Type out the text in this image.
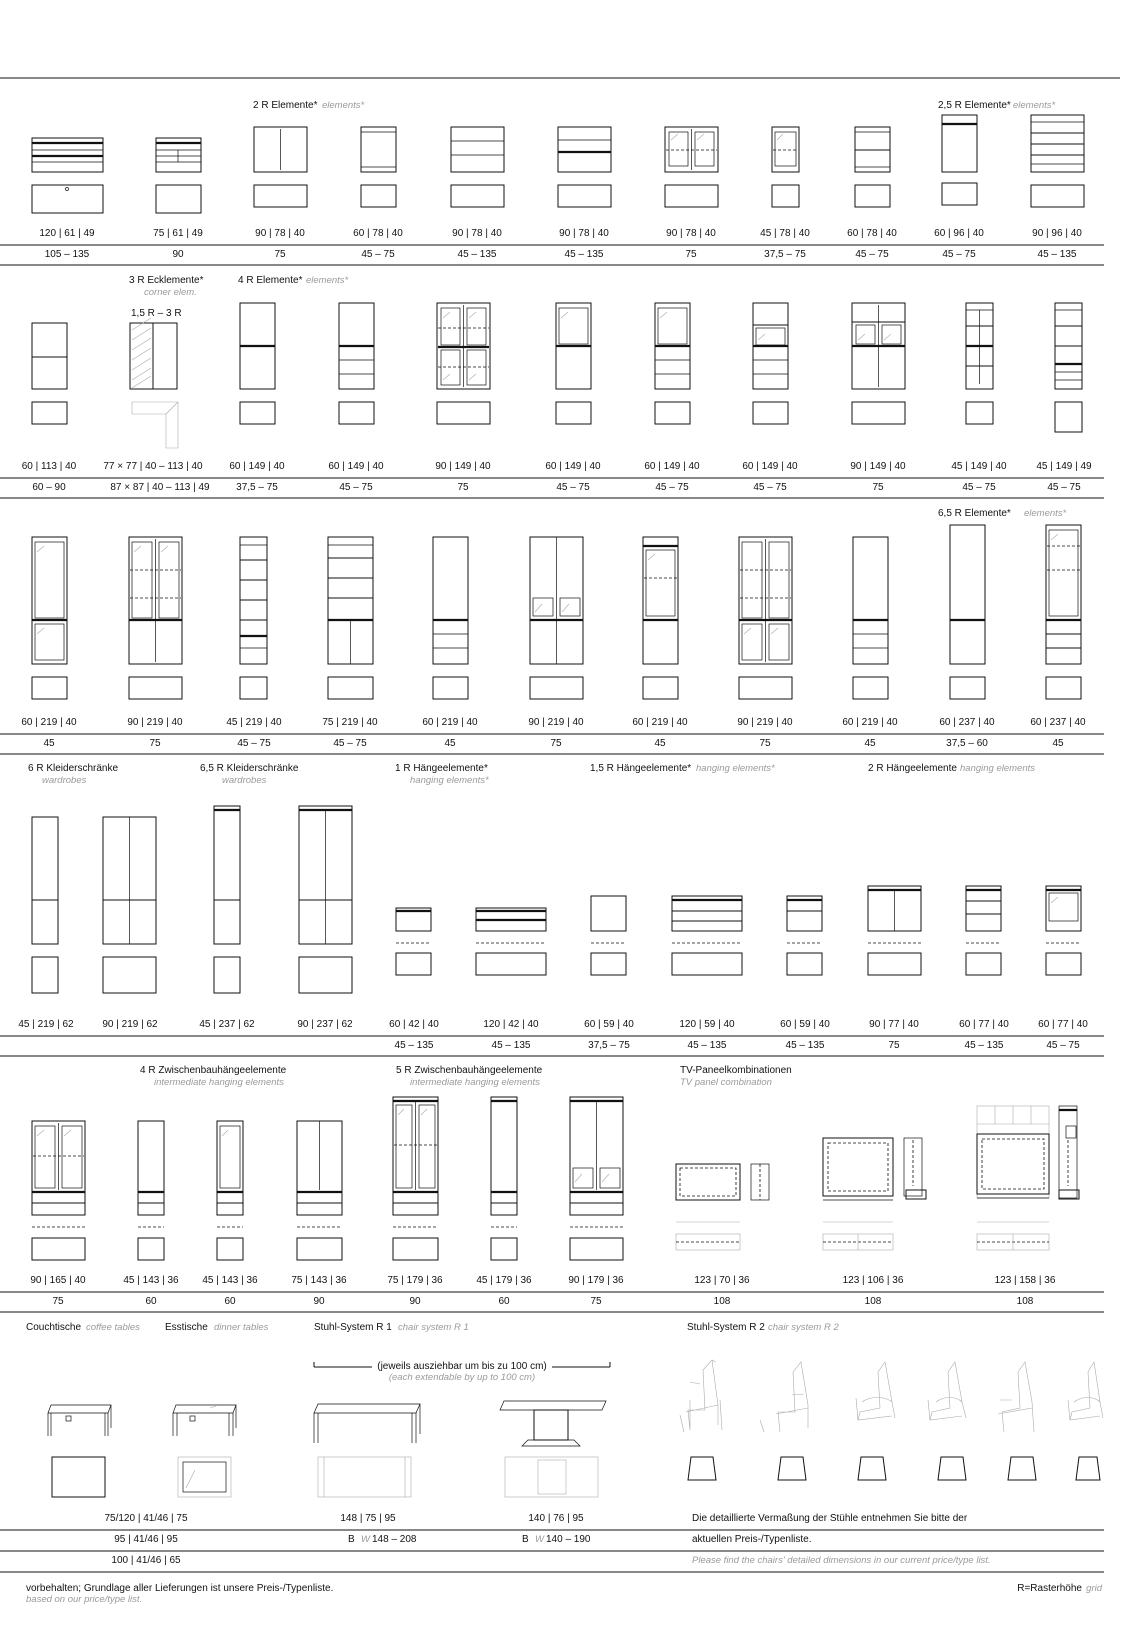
2 R Elemente* elements*	2,5 R Elemente* elements*
120 | 61 | 49	75 | 61 | 49	90 | 78 | 40	60 | 78 | 40	90 | 78 | 40	90 | 78 | 40	90 | 78 | 40	45 | 78 | 40	60 | 78 | 40	60 | 96 | 40	90 | 96 | 40
105 – 135	90	75	45 – 75	45 – 135	45 – 135	75	37,5 – 75	45 – 75	45 – 75	45 – 135
3 R Ecklemente*
corner elem.
4 R Elemente* elements*
1,5 R – 3 R
60 | 113 | 40	77 × 77 | 40 – 113 | 40	60 | 149 | 40	60 | 149 | 40	90 | 149 | 40	60 | 149 | 40	60 | 149 | 40	60 | 149 | 40	90 | 149 | 40	45 | 149 | 40	45 | 149 | 49
60 – 90	87 × 87 | 40 – 113 | 49	37,5 – 75	45 – 75	75	45 – 75	45 – 75	45 – 75	75	45 – 75	45 – 75
6,5 R Elemente* elements*
60 | 219 | 40	90 | 219 | 40	45 | 219 | 40	75 | 219 | 40	60 | 219 | 40	90 | 219 | 40	60 | 219 | 40	90 | 219 | 40	60 | 219 | 40	60 | 237 | 40	60 | 237 | 40
45	75	45 – 75	45 – 75	45	75	45	75	45	37,5 – 60	45
6 R Kleiderschränke
wardrobes
6,5 R Kleiderschränke
wardrobes
1 R Hängeelemente*
hanging elements*
1,5 R Hängeelemente* hanging elements*	2 R Hängeelemente hanging elements
45 | 219 | 62	90 | 219 | 62	45 | 237 | 62	90 | 237 | 62	60 | 42 | 40	120 | 42 | 40	60 | 59 | 40	120 | 59 | 40	60 | 59 | 40	90 | 77 | 40	60 | 77 | 40	60 | 77 | 40
45 – 135	45 – 135	37,5 – 75	45 – 135	45 – 135	75	45 – 135	45 – 75
4 R Zwischenbauhängeelemente
intermediate hanging elements
5 R Zwischenbauhängeelemente
intermediate hanging elements
TV-Paneelkombinationen
TV panel combination
90 | 165 | 40	45 | 143 | 36 45 | 143 | 36	75 | 143 | 36	75 | 179 | 36	45 | 179 | 36	90 | 179 | 36	123 | 70 | 36	123 | 106 | 36	123 | 158 | 36
75	60	60	90	90	60	75	108	108	108
Couchtische coffee tables	Esstische dinner tables	Stuhl-System R 1 chair system R 1	Stuhl-System R 2 chair system R 2
(jeweils ausziehbar um bis zu 100 cm)
(each extendable by up to 100 cm)
75/120 | 41/46 | 75
95 | 41/46 | 95
100 | 41/46 | 65
148 | 75 | 95
B W 148 – 208
140 | 76 | 95
B W 140 – 190
Die detaillierte Vermaßung der Stühle entnehmen Sie bitte der
aktuellen Preis-/Typenliste.
Please find the chairs' detailed dimensions in our current price/type list.
vorbehalten; Grundlage aller Lieferungen ist unsere Preis-/Typenliste.
based on our price/type list.
R=Rasterhöhe grid
